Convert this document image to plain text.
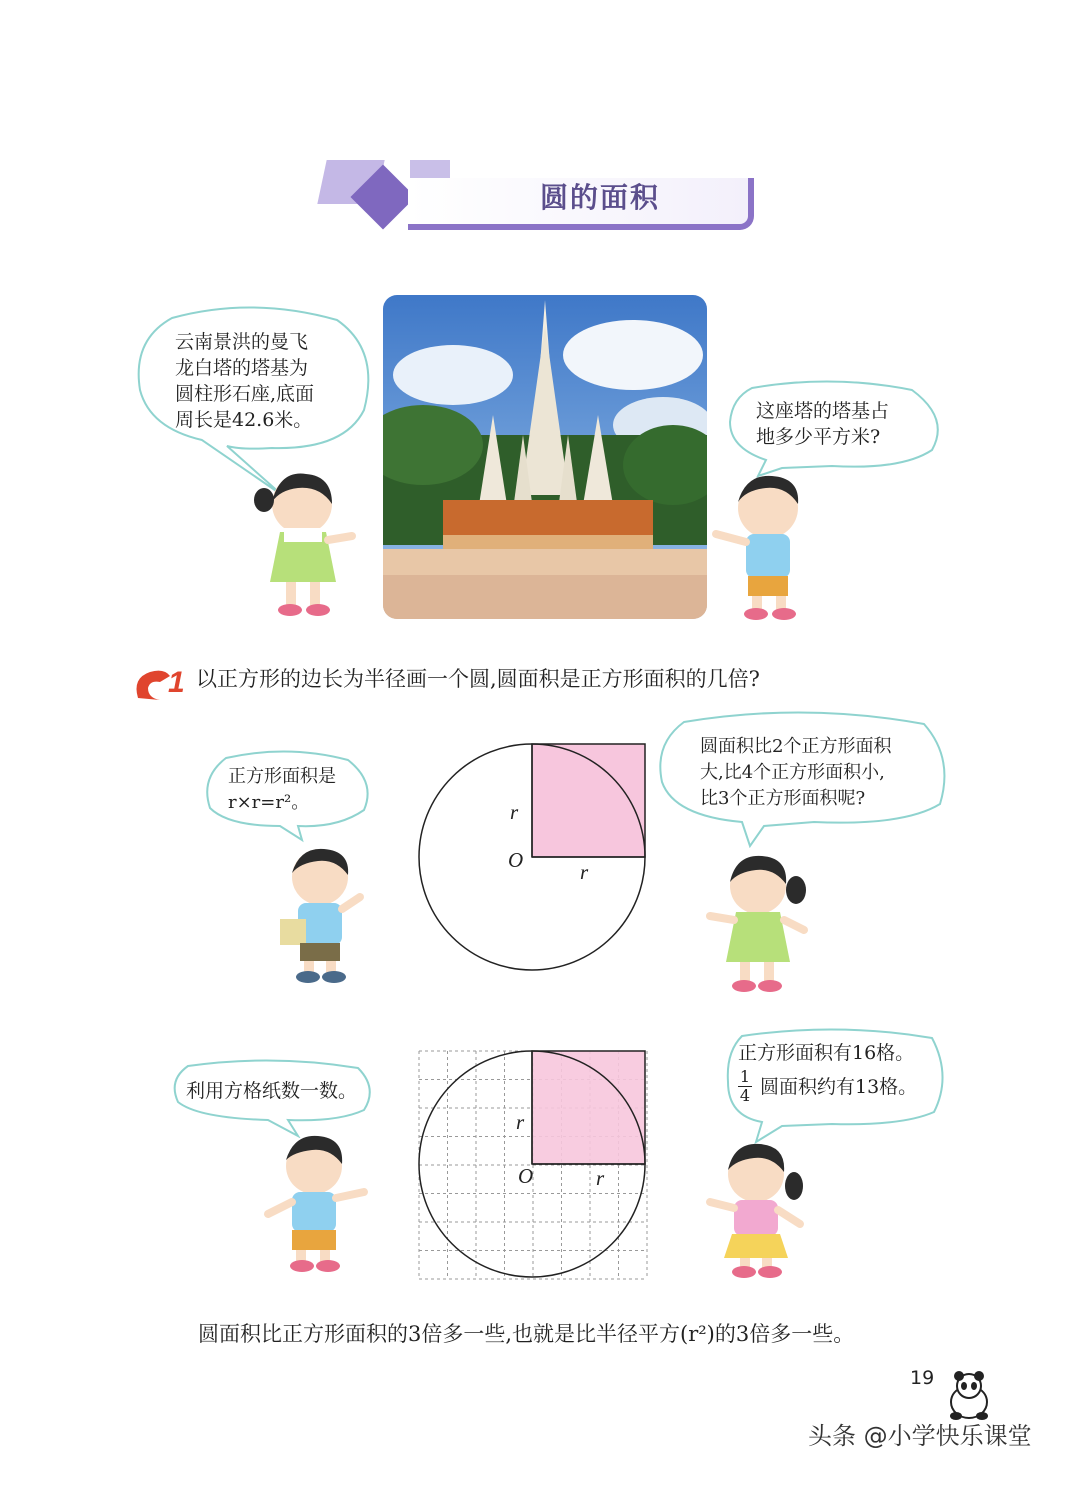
圆的面积
云南景洪的曼飞
龙白塔的塔基为
圆柱形石座,底面
周长是42.6米。	这座塔的塔基占
地多少平方米?
1 以正方形的边长为半径画一个圆,圆面积是正方形面积的几倍?
正方形面积是
r×r=r²。
O
r
r
圆面积比2个正方形面积
大,比4个正方形面积小,
比3个正方形面积呢?
利用方格纸数一数。
O
r
r
正方形面积有16格。
$\frac{1}{4}$ 圆面积约有13格。
圆面积比正方形面积的3倍多一些,也就是比半径平方(r²)的3倍多一些。
19
头条 @小学快乐课堂
